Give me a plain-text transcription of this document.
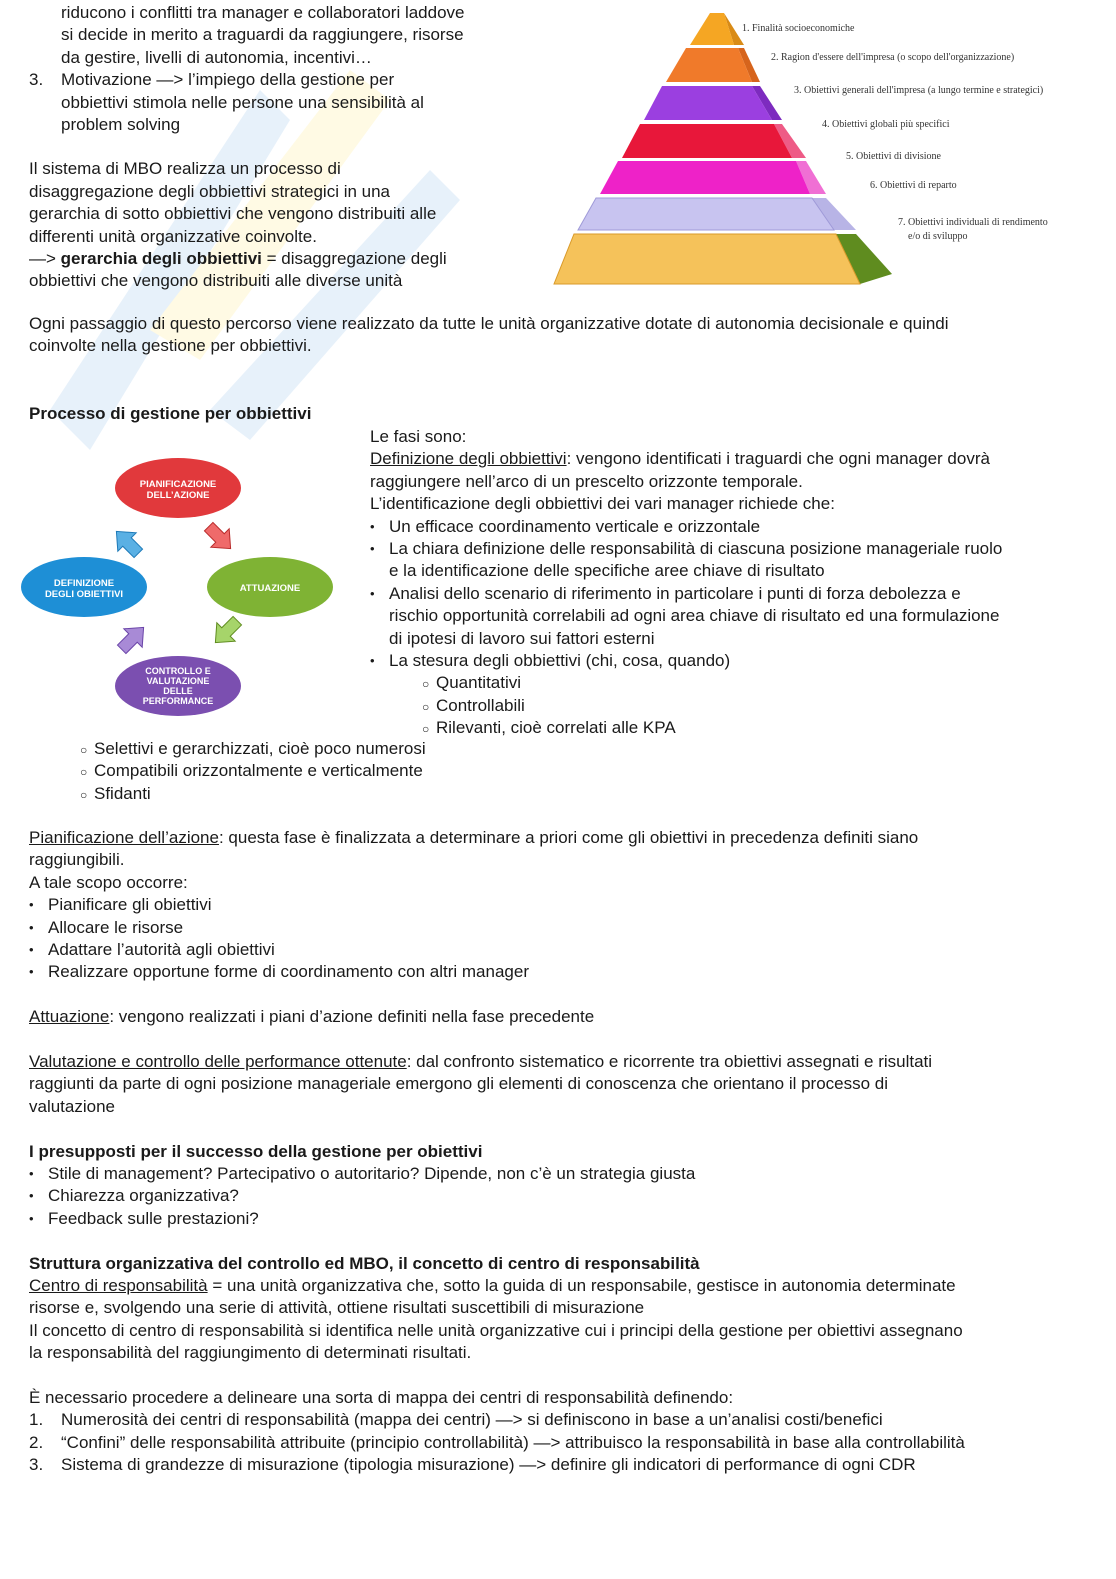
riducono i conflitti tra manager e collaboratori laddove

si decide in merito a traguardi da raggiungere, risorse

da gestire, livelli di autonomia, incentivi…

3. Motivazione —> l’impiego della gestione per

obbiettivi stimola nelle persone una sensibilità al

problem solving

Il sistema di MBO realizza un processo di

disaggregazione degli obbiettivi strategici in una

gerarchia di sotto obbiettivi che vengono distribuiti alle

differenti unità organizzative coinvolte.

—> gerarchia degli obbiettivi = disaggregazione degli

obbiettivi che vengono distribuiti alle diverse unità

1. Finalità socioeconomiche
2. Ragion d'essere dell'impresa (o scopo dell'organizzazione)
3. Obiettivi generali dell'impresa (a lungo termine e strategici)
4. Obiettivi globali più specifici
5. Obiettivi di divisione
6. Obiettivi di reparto
7. Obiettivi individuali di rendimento
e/o di sviluppo

Ogni passaggio di questo percorso viene realizzato da tutte le unità organizzative dotate di autonomia decisionale e quindi

coinvolte nella gestione per obbiettivi.

Processo di gestione per obbiettivi
PIANIFICAZIONE
DELL’AZIONE
DEFINIZIONE
DEGLI OBIETTIVI
ATTUAZIONE
CONTROLLO E
VALUTAZIONE
DELLE
PERFORMANCE

Le fasi sono:

Definizione degli obbiettivi: vengono identificati i traguardi che ogni manager dovrà

raggiungere nell’arco di un prescelto orizzonte temporale.

L’identificazione degli obbiettivi dei vari manager richiede che:

• Un efficace coordinamento verticale e orizzontale

• La chiara definizione delle responsabilità di ciascuna posizione manageriale ruolo

e la identificazione delle specifiche aree chiave di risultato

• Analisi dello scenario di riferimento in particolare i punti di forza debolezza e

rischio opportunità correlabili ad ogni area chiave di risultato ed una formulazione

di ipotesi di lavoro sui fattori esterni

• La stesura degli obbiettivi (chi, cosa, quando)

○ Quantitativi

○ Controllabili

○ Rilevanti, cioè correlati alle KPA

○ Selettivi e gerarchizzati, cioè poco numerosi

○ Compatibili orizzontalmente e verticalmente

○ Sfidanti

Pianificazione dell’azione: questa fase è finalizzata a determinare a priori come gli obiettivi in precedenza definiti siano

raggiungibili.

A tale scopo occorre:

• Pianificare gli obiettivi

• Allocare le risorse

• Adattare l’autorità agli obiettivi

• Realizzare opportune forme di coordinamento con altri manager

Attuazione: vengono realizzati i piani d’azione definiti nella fase precedente

Valutazione e controllo delle performance ottenute: dal confronto sistematico e ricorrente tra obiettivi assegnati e risultati

raggiunti da parte di ogni posizione manageriale emergono gli elementi di conoscenza che orientano il processo di

valutazione

I presupposti per il successo della gestione per obiettivi

• Stile di management? Partecipativo o autoritario? Dipende, non c’è un strategia giusta

• Chiarezza organizzativa?

• Feedback sulle prestazioni?

Struttura organizzativa del controllo ed MBO, il concetto di centro di responsabilità

Centro di responsabilità = una unità organizzativa che, sotto la guida di un responsabile, gestisce in autonomia determinate

risorse e, svolgendo una serie di attività, ottiene risultati suscettibili di misurazione

Il concetto di centro di responsabilità si identifica nelle unità organizzative cui i principi della gestione per obiettivi assegnano

la responsabilità del raggiungimento di determinati risultati.

È necessario procedere a delineare una sorta di mappa dei centri di responsabilità definendo:

1. Numerosità dei centri di responsabilità (mappa dei centri) —> si definiscono in base a un’analisi costi/benefici

2. “Confini” delle responsabilità attribuite (principio controllabilità) —> attribuisco la responsabilità in base alla controllabilità

3. Sistema di grandezze di misurazione (tipologia misurazione) —> definire gli indicatori di performance di ogni CDR
